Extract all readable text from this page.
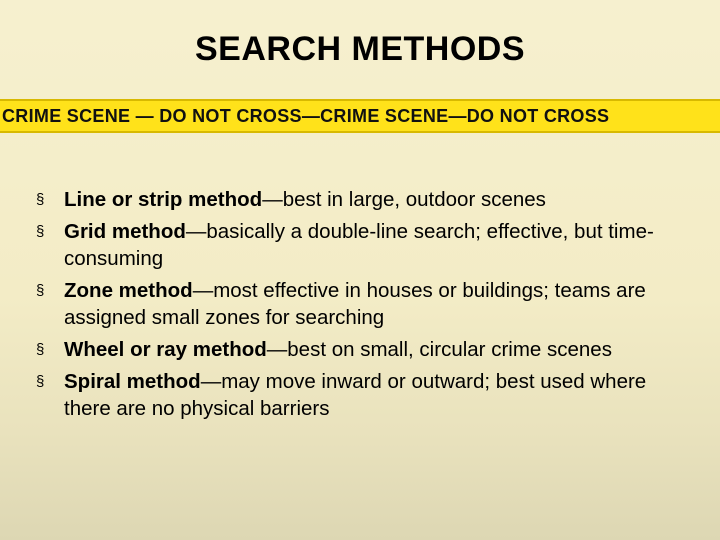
SEARCH METHODS
CRIME SCENE — DO NOT CROSS—CRIME SCENE—DO NOT CROSS
§ Line or strip method—best in large, outdoor scenes
§ Grid method—basically a double-line search; effective, but time-consuming
§ Zone method—most effective in houses or buildings; teams are assigned small zones for searching
§ Wheel or ray method—best on small, circular crime scenes
§ Spiral method—may move inward or outward; best used where there are no physical barriers
